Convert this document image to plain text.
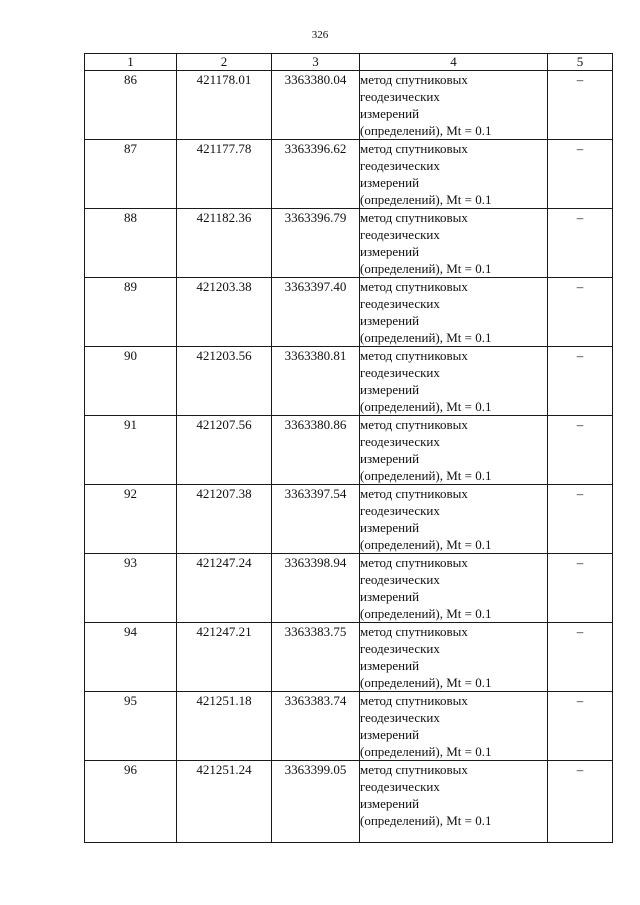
326
1	2	3	4	5
86	421178.01	3363380.04	метод спутниковых
геодезических
измерений
(определений), Mt = 0.1	–
87	421177.78	3363396.62	метод спутниковых
геодезических
измерений
(определений), Mt = 0.1	–
88	421182.36	3363396.79	метод спутниковых
геодезических
измерений
(определений), Mt = 0.1	–
89	421203.38	3363397.40	метод спутниковых
геодезических
измерений
(определений), Mt = 0.1	–
90	421203.56	3363380.81	метод спутниковых
геодезических
измерений
(определений), Mt = 0.1	–
91	421207.56	3363380.86	метод спутниковых
геодезических
измерений
(определений), Mt = 0.1	–
92	421207.38	3363397.54	метод спутниковых
геодезических
измерений
(определений), Mt = 0.1	–
93	421247.24	3363398.94	метод спутниковых
геодезических
измерений
(определений), Mt = 0.1	–
94	421247.21	3363383.75	метод спутниковых
геодезических
измерений
(определений), Mt = 0.1	–
95	421251.18	3363383.74	метод спутниковых
геодезических
измерений
(определений), Mt = 0.1	–
96	421251.24	3363399.05	метод спутниковых
геодезических
измерений
(определений), Mt = 0.1	–
